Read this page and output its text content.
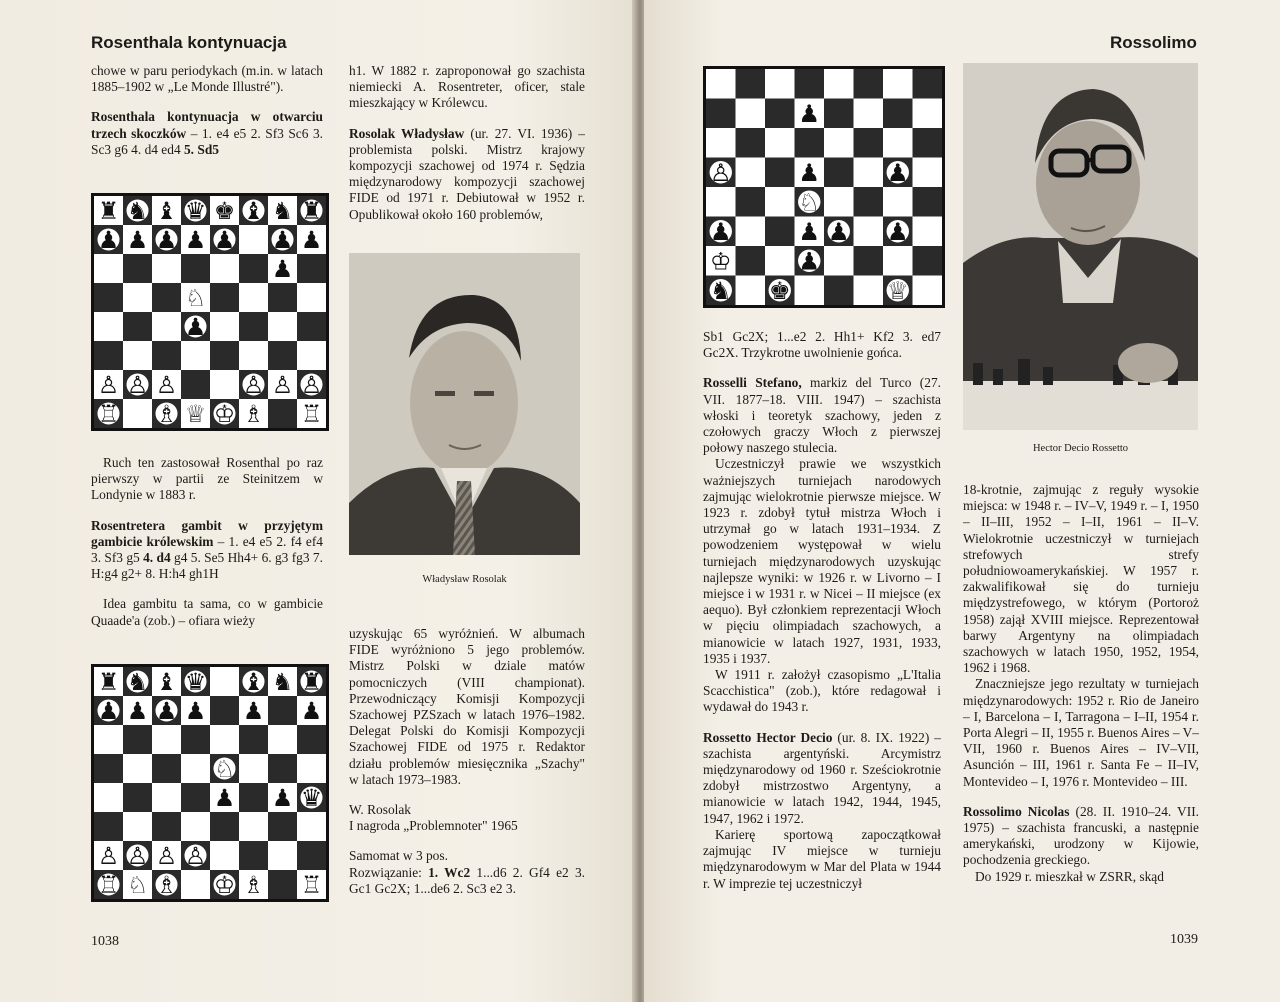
Rosenthala kontynuacja

chowe w paru periodykach (m.in. w latach 1885–1902 w „Le Monde Illustré").

Rosenthala kontynuacja w otwarciu trzech skoczków – 1. e4 e5 2. Sf3 Sc6 3. Sc3 g6 4. d4 ed4 5. Sd5

♜ ♞ ♝ ♛ ♚ ♝ ♞ ♜
♟ ♟ ♟ ♟ ♟ ♟ ♟
♟
♘
♟
♙ ♙ ♙	♙ ♙ ♙
♖ ♗ ♕ ♔ ♗ ♖

Ruch ten zastosował Rosenthal po raz pierwszy w partii ze Steinitzem w Londynie w 1883 r.

Rosentretera gambit w przyjętym gambicie królewskim – 1. e4 e5 2. f4 ef4 3. Sf3 g5 4. d4 g4 5. Se5 Hh4+ 6. g3 fg3 7. H:g4 g2+ 8. H:h4 gh1H

Idea gambitu ta sama, co w gambicie Quaade'a (zob.) – ofiara wieży

♜ ♞ ♝ ♛ ♝ ♞ ♜
♟ ♟ ♟ ♟ ♟ ♟
♘
♟ ♟ ♛
♙ ♙ ♙ ♙
♖ ♘ ♗ ♔ ♗ ♖
1038

h1. W 1882 r. zaproponował go szachista niemiecki A. Rosentreter, oficer, stale mieszkający w Królewcu.

Rosolak Władysław (ur. 27. VI. 1936) – problemista polski. Mistrz krajowy kompozycji szachowej od 1974 r. Sędzia międzynarodowy kompozycji szachowej FIDE od 1971 r. Debiutował w 1952 r. Opublikował około 160 problemów,

Władysław Rosolak

uzyskując 65 wyróżnień. W albumach FIDE wyróżniono 5 jego problemów. Mistrz Polski w dziale matów pomocniczych (VIII championat). Przewodniczący Komisji Kompozycji Szachowej PZSzach w latach 1976–1982. Delegat Polski do Komisji Kompozycji Szachowej FIDE od 1975 r. Redaktor działu problemów miesięcznika „Szachy" w latach 1973–1983.

W. Rosolak

I nagroda „Problemnoter" 1965

Samomat w 3 pos.

Rozwiązanie: 1. Wc2 1...d6 2. Gf4 e2 3. Gc1 Gc2X; 1...de6 2. Sc3 e2 3.

Rossolimo
♟
♙	♟	♟
♘
♟	♟ ♟ ♟
♔	♟
♞ ♚	♕

Sb1 Gc2X; 1...e2 2. Hh1+ Kf2 3. ed7 Gc2X. Trzykrotne uwolnienie gońca.

Rosselli Stefano, markiz del Turco (27. VII. 1877–18. VIII. 1947) – szachista włoski i teoretyk szachowy, jeden z czołowych graczy Włoch z pierwszej połowy naszego stulecia.

Uczestniczył prawie we wszystkich ważniejszych turniejach narodowych zajmując wielokrotnie pierwsze miejsce. W 1923 r. zdobył tytuł mistrza Włoch i utrzymał go w latach 1931–1934. Z powodzeniem występował w wielu turniejach międzynarodowych uzyskując najlepsze wyniki: w 1926 r. w Livorno – I miejsce i w 1931 r. w Nicei – II miejsce (ex aequo). Był członkiem reprezentacji Włoch w pięciu olimpiadach szachowych, a mianowicie w latach 1927, 1931, 1933, 1935 i 1937.

W 1911 r. założył czasopismo „L'Italia Scacchistica" (zob.), które redagował i wydawał do 1943 r.

Rossetto Hector Decio (ur. 8. IX. 1922) – szachista argentyński. Arcymistrz międzynarodowy od 1960 r. Sześciokrotnie zdobył mistrzostwo Argentyny, a mianowicie w latach 1942, 1944, 1945, 1947, 1962 i 1972.

Karierę sportową zapoczątkował zajmując IV miejsce w turnieju międzynarodowym w Mar del Plata w 1944 r. W imprezie tej uczestniczył

Hector Decio Rossetto

18-krotnie, zajmując z reguły wysokie miejsca: w 1948 r. – IV–V, 1949 r. – I, 1950 – II–III, 1952 – I–II, 1961 – II–V. Wielokrotnie uczestniczył w turniejach strefowych strefy południowoamerykańskiej. W 1957 r. zakwalifikował się do turnieju międzystrefowego, w którym (Portoroż 1958) zajął XVIII miejsce. Reprezentował barwy Argentyny na olimpiadach szachowych w latach 1950, 1952, 1954, 1962 i 1968.

Znaczniejsze jego rezultaty w turniejach międzynarodowych: 1952 r. Rio de Janeiro – I, Barcelona – I, Tarragona – I–II, 1954 r. Porta Alegri – II, 1955 r. Buenos Aires – V–VII, 1960 r. Buenos Aires – IV–VII, Asunción – III, 1961 r. Santa Fe – II–IV, Montevideo – I, 1976 r. Montevideo – III.

Rossolimo Nicolas (28. II. 1910–24. VII. 1975) – szachista francuski, a następnie amerykański, urodzony w Kijowie, pochodzenia greckiego.

Do 1929 r. mieszkał w ZSRR, skąd

1039
